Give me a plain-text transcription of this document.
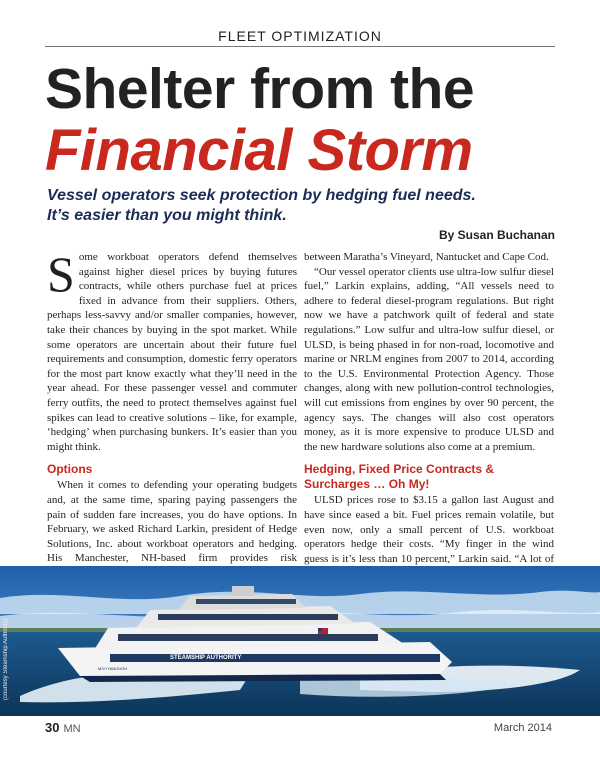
FLEET OPTIMIZATION
Shelter from the
Financial Storm
Vessel operators seek protection by hedging fuel needs.
It’s easier than you might think.
By Susan Buchanan

Some workboat operators defend themselves against higher diesel prices by buying futures contracts, while others purchase fuel at prices fixed in advance from their suppliers. Others, perhaps less-savvy and/or smaller companies, however, take their chances by buying in the spot market. While some operators are uncertain about their future fuel requirements and consumption, domestic ferry operators for the most part know exactly what they’ll need in the year ahead. For these passenger vessel and commuter ferry outfits, the need to protect themselves against fuel spikes can lead to creative solutions – like, for example, ‘hedging’ when purchasing bunkers. It’s easier than you might think.

Options

When it comes to defending your operating budgets and, at the same time, sparing paying passengers the pain of sudden fare increases, you do have options. In February, we asked Richard Larkin, president of Hedge Solutions, Inc. about workboat operators and hedging. His Manchester, NH-based firm provides risk

between Maratha’s Vineyard, Nantucket and Cape Cod.

“Our vessel operator clients use ultra-low sulfur diesel fuel,” Larkin explains, adding, “All vessels need to adhere to federal diesel-program regulations. But right now we have a patchwork quilt of federal and state regulations.” Low sulfur and ultra-low sulfur diesel, or ULSD, is being phased in for non-road, locomotive and marine or NRLM engines from 2007 to 2014, according to the U.S. Environmental Protection Agency. Those changes, along with new pollution-control technologies, will cut emissions from engines by over 90 percent, the agency says. The changes will also cost operators money, as it is more expensive to produce ULSD and the new hardware solutions also come at a premium.

Hedging, Fixed Price Contracts & Surcharges … Oh My!

ULSD prices rose to $3.15 a gallon last August and have since eased a bit. Fuel prices remain volatile, but even now, only a small percent of U.S. workboat operators hedge their costs. “My finger in the wind guess is it’s less than 10 percent,” Larkin said. “A lot of

STEAMSHIP AUTHORITY
M/V IYANOUGH
(courtesy Steamship Authority)
30 MN	March 2014
